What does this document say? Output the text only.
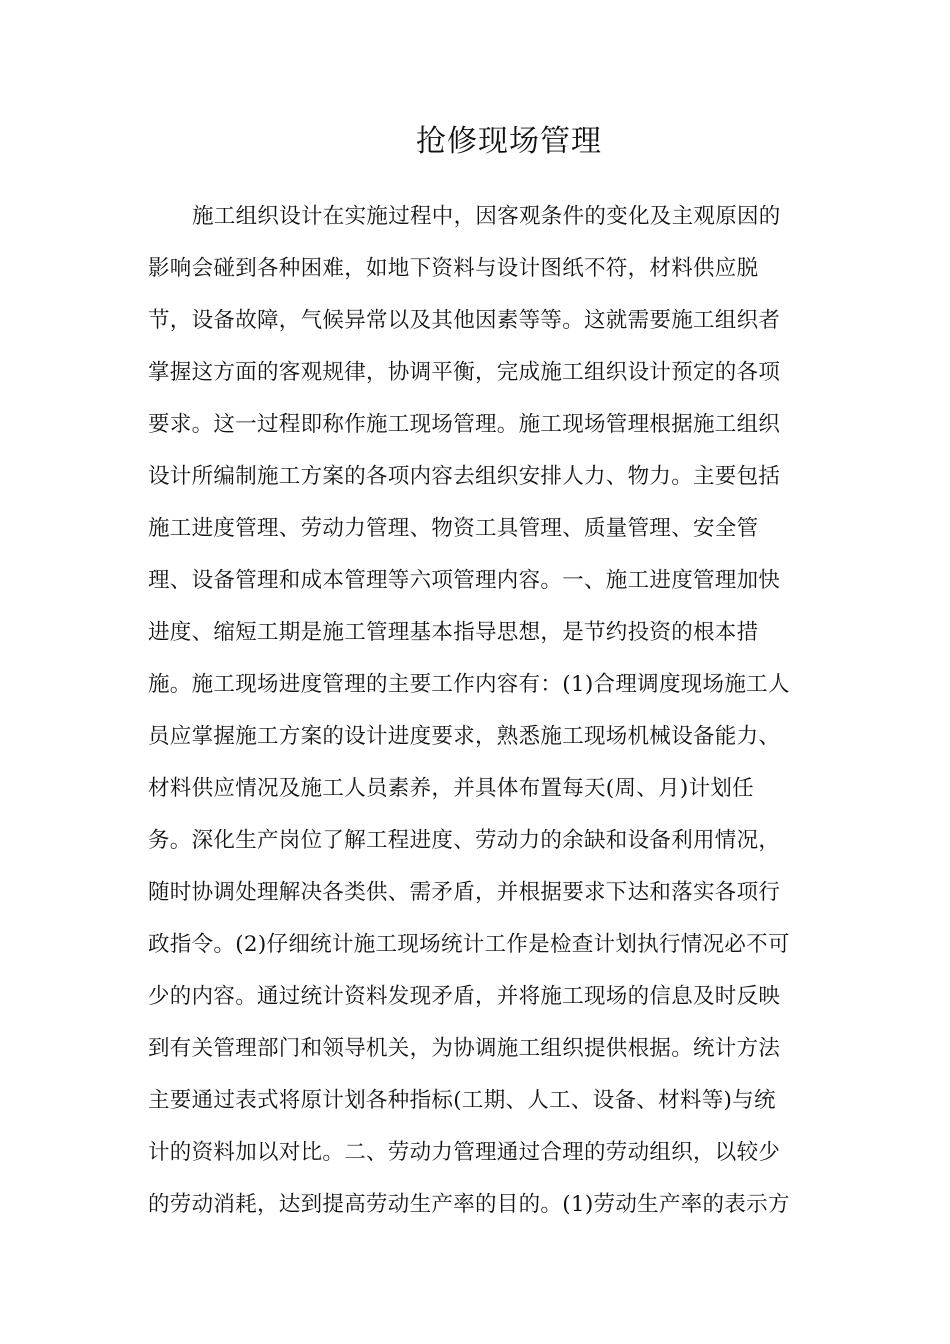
抢修现场管理
施工组织设计在实施过程中，因客观条件的变化及主观原因的
影响会碰到各种困难，如地下资料与设计图纸不符，材料供应脱
节，设备故障，气候异常以及其他因素等等。这就需要施工组织者
掌握这方面的客观规律，协调平衡，完成施工组织设计预定的各项
要求。这一过程即称作施工现场管理。施工现场管理根据施工组织
设计所编制施工方案的各项内容去组织安排人力、物力。主要包括
施工进度管理、劳动力管理、物资工具管理、质量管理、安全管
理、设备管理和成本管理等六项管理内容。一、施工进度管理加快
进度、缩短工期是施工管理基本指导思想，是节约投资的根本措
施。施工现场进度管理的主要工作内容有：(1)合理调度现场施工人
员应掌握施工方案的设计进度要求，熟悉施工现场机械设备能力、
材料供应情况及施工人员素养，并具体布置每天(周、月)计划任
务。深化生产岗位了解工程进度、劳动力的余缺和设备利用情况，
随时协调处理解决各类供、需矛盾，并根据要求下达和落实各项行
政指令。(2)仔细统计施工现场统计工作是检查计划执行情况必不可
少的内容。通过统计资料发现矛盾，并将施工现场的信息及时反映
到有关管理部门和领导机关，为协调施工组织提供根据。统计方法
主要通过表式将原计划各种指标(工期、人工、设备、材料等)与统
计的资料加以对比。二、劳动力管理通过合理的劳动组织，以较少
的劳动消耗，达到提高劳动生产率的目的。(1)劳动生产率的表示方
